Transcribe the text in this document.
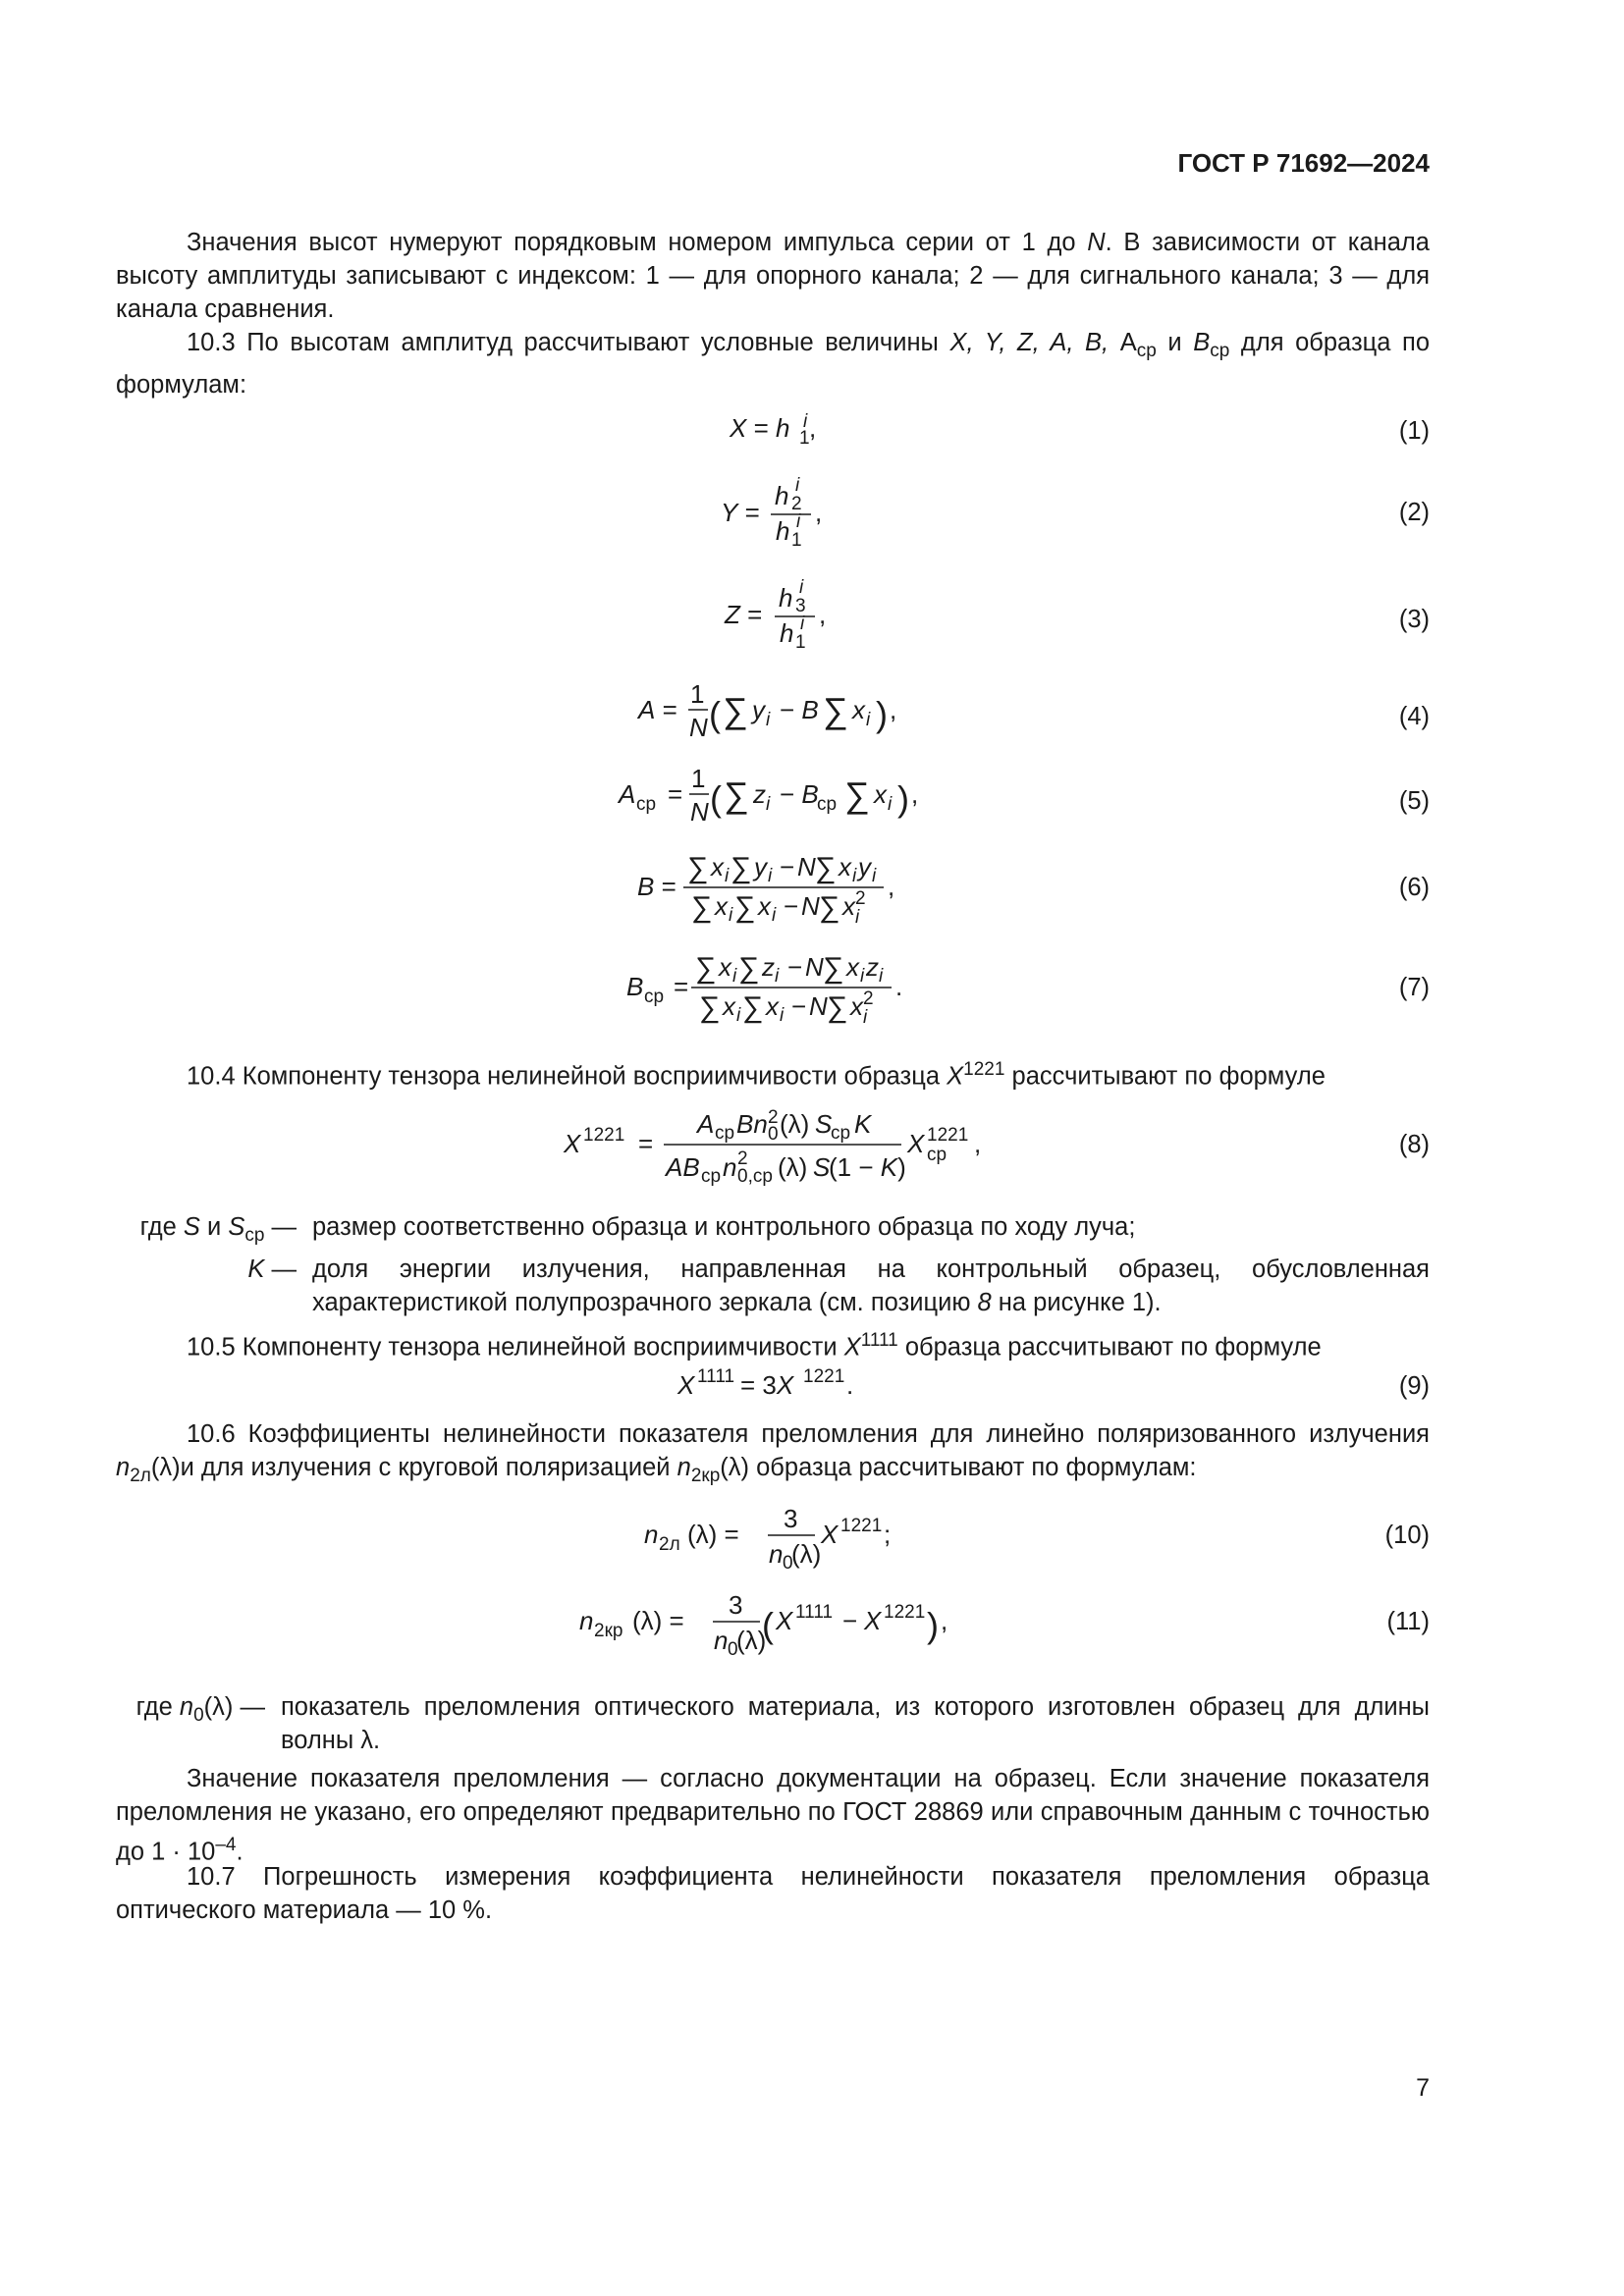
ГОСТ Р 71692—2024

Значения высот нумеруют порядковым номером импульса серии от 1 до N. В зависимости от канала высоту амплитуды записывают с индексом: 1 — для опорного канала; 2 — для сигнального канала; 3 — для канала сравнения.

10.3 По высотам амплитуд рассчитывают условные величины X, Y, Z, A, B, $А_{ср}$ и $B_{ср}$ для образца по формулам:

X = h i
1 ,	(1)
Y =
h i
2
h i
1
,	(2)
Z =
h i
3
h i
1
,	(3)
A =
1
N ( ∑ y i − B ∑ x i ) ,	(4)
A ср =
1
N ( ∑ z i − B
ср ∑ x i ) ,	(5)
B =
∑ x i ∑ y i − N ∑ x i y i
∑ x i ∑ x i − N ∑ x 2
i
,	(6)
B ср =
∑ x i ∑ z i − N ∑ x i z i
∑ x i ∑ x i − N ∑ x 2
i
.	(7)

10.4 Компоненту тензора нелинейной восприимчивости образца $X^{1221}$ рассчитывают по формуле

X 1221 =
A ср Bn 2
0 (λ) S
ср K
AB ср n 2
0,ср (λ) S
(1 − K)
X 1221
ср ,	(8)
где S и $S_{ср}$ — размер соответственно образца и контрольного образца по ходу луча;
K — доля энергии излучения, направленная на контрольный образец, обусловленная характеристикой полупрозрачного зеркала (см. позицию 8 на рисунке 1).

10.5 Компоненту тензора нелинейной восприимчивости $X^{1111}$ образца рассчитывают по формуле

X 1111 = 3X 1221 .	(9)

10.6 Коэффициенты нелинейности показателя преломления для линейно поляризованного излучения $n_{2л}(\lambda)и$ для излучения с круговой поляризацией $n_{2кр}(\lambda)$ образца рассчитывают по формулам:

n 2л (λ) =
3
n 0
(λ)
X 1221 ;	(10)
n 2кр (λ) =
3
n 0
(λ)
( X 1111 − X 1221 ) ,	(11)
где $n_0(\lambda)$ — показатель преломления оптического материала, из которого изготовлен образец для длины волны λ.

Значение показателя преломления — согласно документации на образец. Если значение показателя преломления не указано, его определяют предварительно по ГОСТ 28869 или справочным данным с точностью до $1 \cdot 10^{-4}$.

10.7 Погрешность измерения коэффициента нелинейности показателя преломления образца оптического материала — 10 %.

7
